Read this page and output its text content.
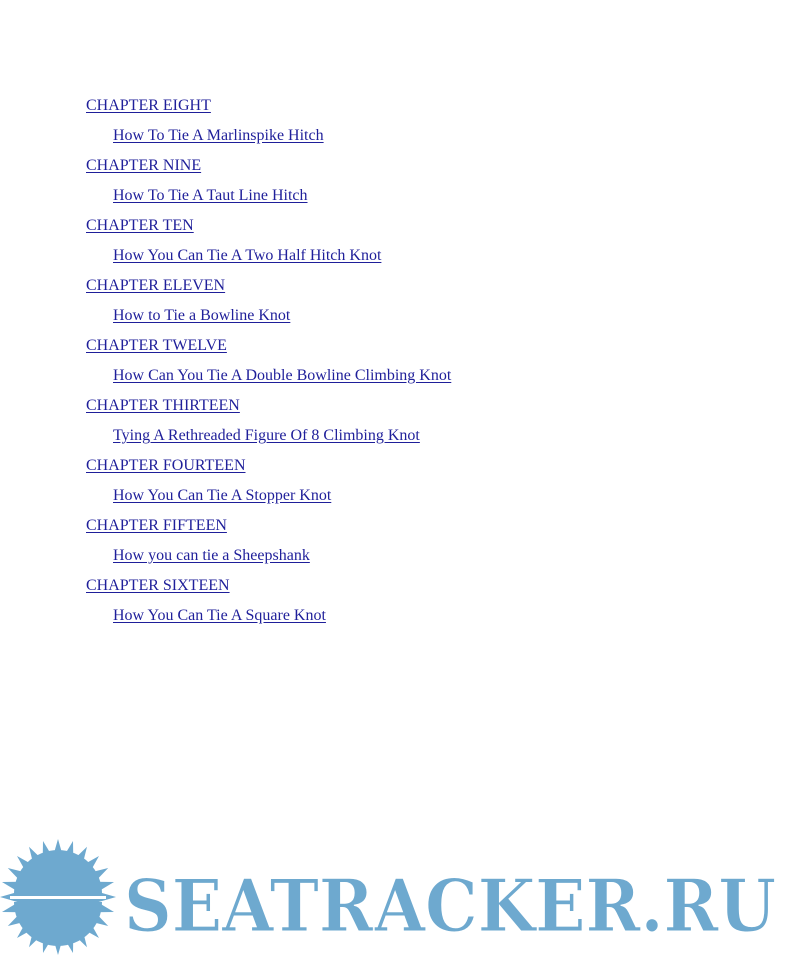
CHAPTER EIGHT
How To Tie A Marlinspike Hitch
CHAPTER NINE
How To Tie A Taut Line Hitch
CHAPTER TEN
How You Can Tie A Two Half Hitch Knot
CHAPTER ELEVEN
How to Tie a Bowline Knot
CHAPTER TWELVE
How Can You Tie A Double Bowline Climbing Knot
CHAPTER THIRTEEN
Tying A Rethreaded Figure Of 8 Climbing Knot
CHAPTER FOURTEEN
How You Can Tie A Stopper Knot
CHAPTER FIFTEEN
How you can tie a Sheepshank
CHAPTER SIXTEEN
How You Can Tie A Square Knot
SEATRACKER.RU
